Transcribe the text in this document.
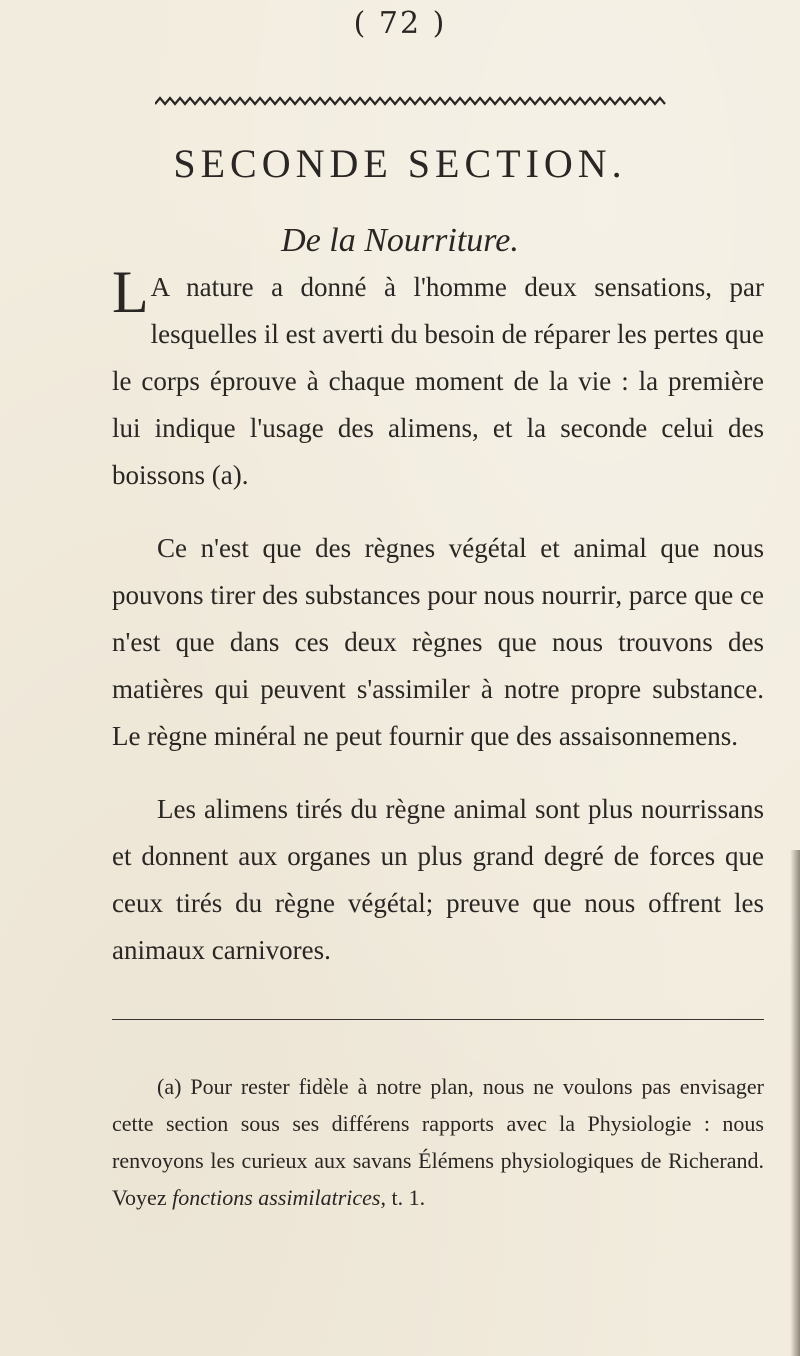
( 72 )
SECONDE SECTION.
De la Nourriture.

L A nature a donné à l'homme deux sensations, par lesquelles il est averti du besoin de réparer les pertes que le corps éprouve à chaque moment de la vie : la première lui indique l'usage des alimens, et la seconde celui des boissons (a).

Ce n'est que des règnes végétal et animal que nous pouvons tirer des substances pour nous nourrir, parce que ce n'est que dans ces deux règnes que nous trouvons des matières qui peuvent s'assimiler à notre propre substance. Le règne minéral ne peut fournir que des assaisonnemens.

Les alimens tirés du règne animal sont plus nourrissans et donnent aux organes un plus grand degré de forces que ceux tirés du règne végétal; preuve que nous offrent les animaux carnivores.

(a) Pour rester fidèle à notre plan, nous ne voulons pas envisager cette section sous ses différens rapports avec la Physiologie : nous renvoyons les curieux aux savans Élémens physiologiques de Richerand. Voyez fonctions assimilatrices, t. 1.
